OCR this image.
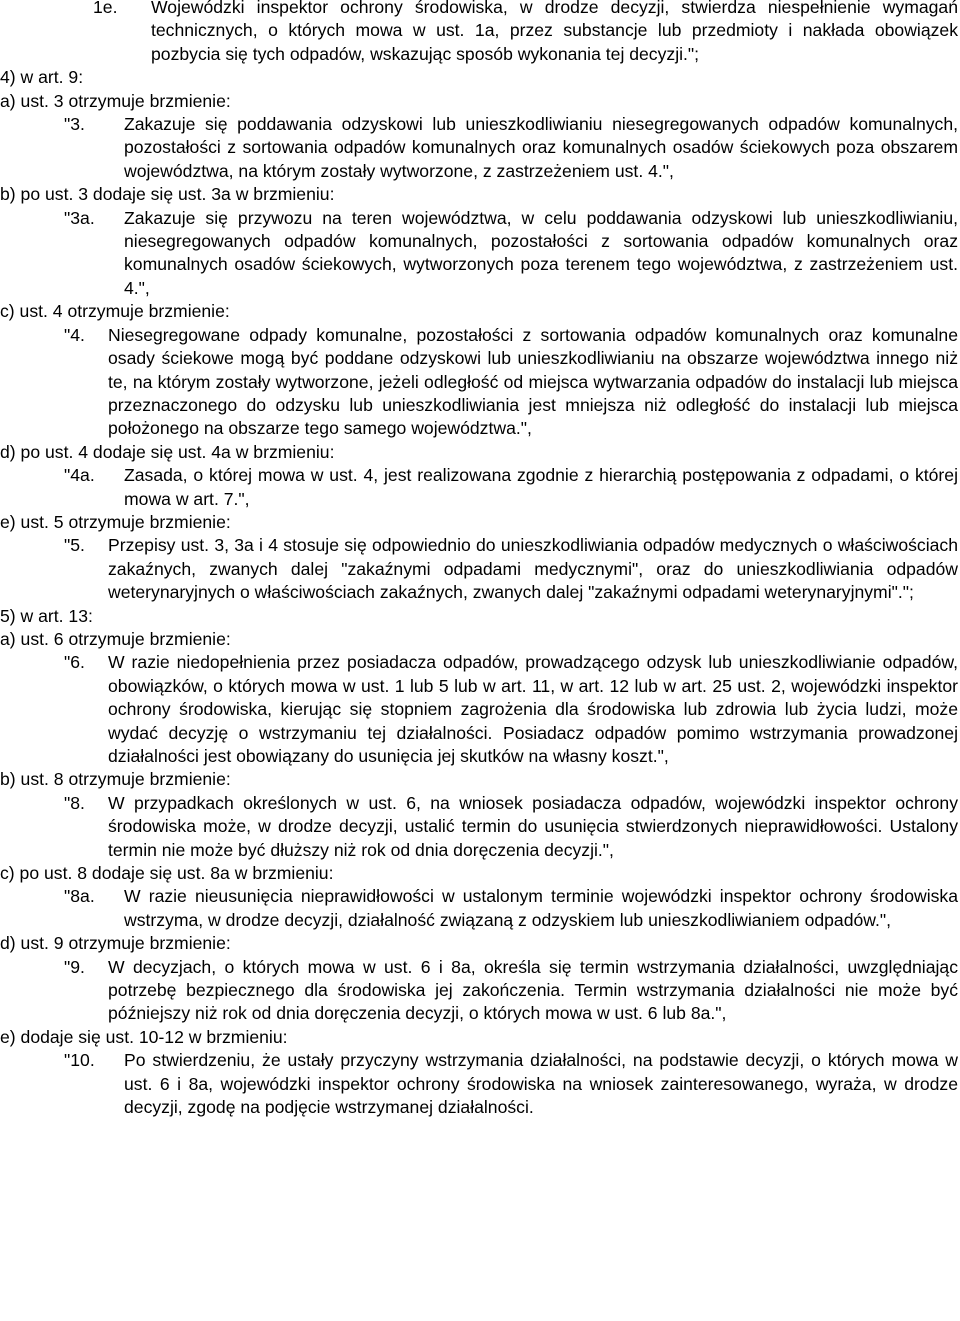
1e.	Wojewódzki inspektor ochrony środowiska, w drodze decyzji, stwierdza niespełnienie wymagań technicznych, o których mowa w ust. 1a, przez substancje lub przedmioty i nakłada obowiązek pozbycia się tych odpadów, wskazując sposób wykonania tej decyzji.";
4) w art. 9:
a) ust. 3 otrzymuje brzmienie:
"3.	Zakazuje się poddawania odzyskowi lub unieszkodliwianiu niesegregowanych odpadów komunalnych, pozostałości z sortowania odpadów komunalnych oraz komunalnych osadów ściekowych poza obszarem województwa, na którym zostały wytworzone, z zastrzeżeniem ust. 4.",
b) po ust. 3 dodaje się ust. 3a w brzmieniu:
"3a.	Zakazuje się przywozu na teren województwa, w celu poddawania odzyskowi lub unieszkodliwianiu, niesegregowanych odpadów komunalnych, pozostałości z sortowania odpadów komunalnych oraz komunalnych osadów ściekowych, wytworzonych poza terenem tego województwa, z zastrzeżeniem ust. 4.",
c) ust. 4 otrzymuje brzmienie:
"4.	Niesegregowane odpady komunalne, pozostałości z sortowania odpadów komunalnych oraz komunalne osady ściekowe mogą być poddane odzyskowi lub unieszkodliwianiu na obszarze województwa innego niż te, na którym zostały wytworzone, jeżeli odległość od miejsca wytwarzania odpadów do instalacji lub miejsca przeznaczonego do odzysku lub unieszkodliwiania jest mniejsza niż odległość do instalacji lub miejsca położonego na obszarze tego samego województwa.",
d) po ust. 4 dodaje się ust. 4a w brzmieniu:
"4a.	Zasada, o której mowa w ust. 4, jest realizowana zgodnie z hierarchią postępowania z odpadami, o której mowa w art. 7.",
e) ust. 5 otrzymuje brzmienie:
"5.	Przepisy ust. 3, 3a i 4 stosuje się odpowiednio do unieszkodliwiania odpadów medycznych o właściwościach zakaźnych, zwanych dalej "zakaźnymi odpadami medycznymi", oraz do unieszkodliwiania odpadów weterynaryjnych o właściwościach zakaźnych, zwanych dalej "zakaźnymi odpadami weterynaryjnymi".";
5) w art. 13:
a) ust. 6 otrzymuje brzmienie:
"6.	W razie niedopełnienia przez posiadacza odpadów, prowadzącego odzysk lub unieszkodliwianie odpadów, obowiązków, o których mowa w ust. 1 lub 5 lub w art. 11, w art. 12 lub w art. 25 ust. 2, wojewódzki inspektor ochrony środowiska, kierując się stopniem zagrożenia dla środowiska lub zdrowia lub życia ludzi, może wydać decyzję o wstrzymaniu tej działalności. Posiadacz odpadów pomimo wstrzymania prowadzonej działalności jest obowiązany do usunięcia jej skutków na własny koszt.",
b) ust. 8 otrzymuje brzmienie:
"8.	W przypadkach określonych w ust. 6, na wniosek posiadacza odpadów, wojewódzki inspektor ochrony środowiska może, w drodze decyzji, ustalić termin do usunięcia stwierdzonych nieprawidłowości. Ustalony termin nie może być dłuższy niż rok od dnia doręczenia decyzji.",
c) po ust. 8 dodaje się ust. 8a w brzmieniu:
"8a.	W razie nieusunięcia nieprawidłowości w ustalonym terminie wojewódzki inspektor ochrony środowiska wstrzyma, w drodze decyzji, działalność związaną z odzyskiem lub unieszkodliwianiem odpadów.",
d) ust. 9 otrzymuje brzmienie:
"9.	W decyzjach, o których mowa w ust. 6 i 8a, określa się termin wstrzymania działalności, uwzględniając potrzebę bezpiecznego dla środowiska jej zakończenia. Termin wstrzymania działalności nie może być późniejszy niż rok od dnia doręczenia decyzji, o których mowa w ust. 6 lub 8a.",
e) dodaje się ust. 10-12 w brzmieniu:
"10.	Po stwierdzeniu, że ustały przyczyny wstrzymania działalności, na podstawie decyzji, o których mowa w ust. 6 i 8a, wojewódzki inspektor ochrony środowiska na wniosek zainteresowanego, wyraża, w drodze decyzji, zgodę na podjęcie wstrzymanej działalności.
